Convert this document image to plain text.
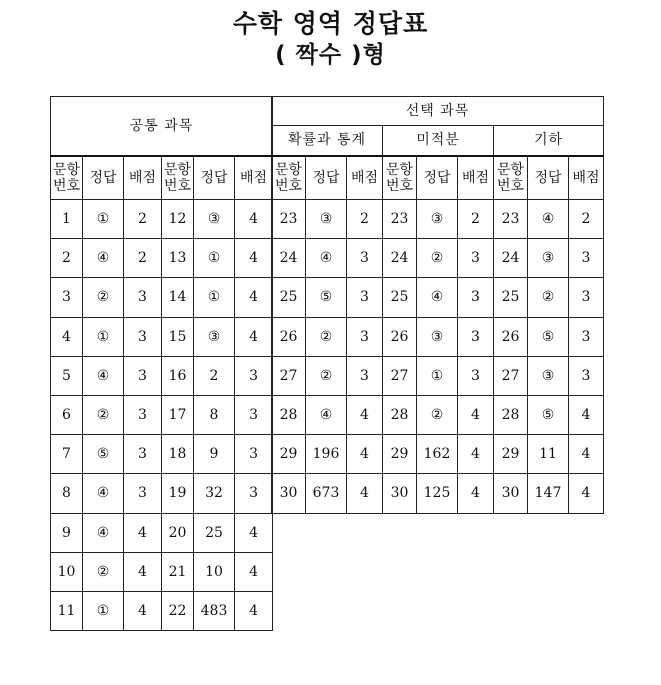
수학 영역 정답표
( 짝수 )형
공통 과목					
문항번호	정답	배점	문항번호	정답	배점
1	①	2	12	③	4
2	④	2	13	①	4
3	②	3	14	①	4
4	①	3	15	③	4
5	④	3	16	2	3
6	②	3	17	8	3
7	⑤	3	18	9	3
8	④	3	19	32	3
9	④	4	20	25	4
10	②	4	21	10	4
11	①	4	22	483	4
선택 과목								
확률과 통계			미적분			기하		
문항번호	정답	배점	문항번호	정답	배점	문항번호	정답	배점
23	③	2	23	③	2	23	④	2
24	④	3	24	②	3	24	③	3
25	⑤	3	25	④	3	25	②	3
26	②	3	26	③	3	26	⑤	3
27	②	3	27	①	3	27	③	3
28	④	4	28	②	4	28	⑤	4
29	196	4	29	162	4	29	11	4
30	673	4	30	125	4	30	147	4
